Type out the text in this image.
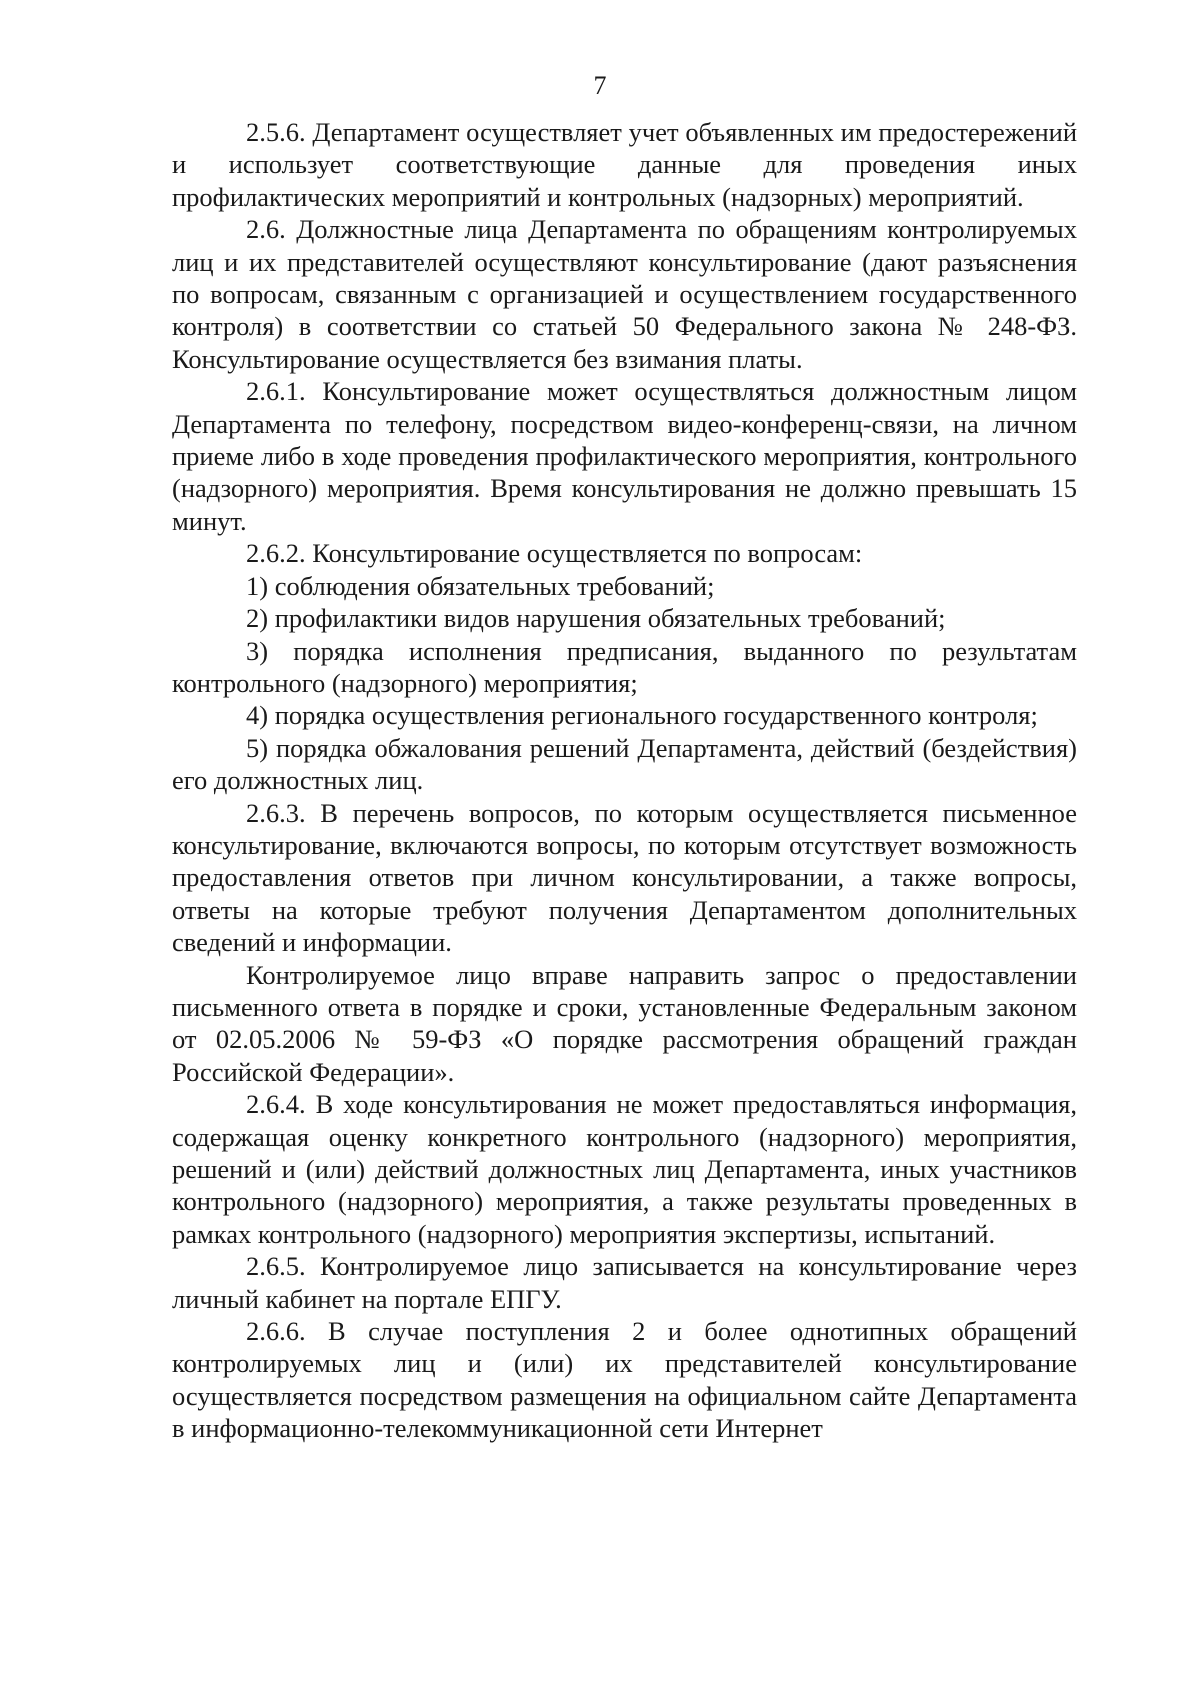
7

2.5.6. Департамент осуществляет учет объявленных им предостережений и использует соответствующие данные для проведения иных профилактических мероприятий и контрольных (надзорных) мероприятий.

2.6. Должностные лица Департамента по обращениям контролируемых лиц и их представителей осуществляют консультирование (дают разъяснения по вопросам, связанным с организацией и осуществлением государственного контроля) в соответствии со статьей 50 Федерального закона № 248-ФЗ. Консультирование осуществляется без взимания платы.

2.6.1. Консультирование может осуществляться должностным лицом Департамента по телефону, посредством видео-конференц-связи, на личном приеме либо в ходе проведения профилактического мероприятия, контрольного (надзорного) мероприятия. Время консультирования не должно превышать 15 минут.

2.6.2. Консультирование осуществляется по вопросам:

1) соблюдения обязательных требований;

2) профилактики видов нарушения обязательных требований;

3) порядка исполнения предписания, выданного по результатам контрольного (надзорного) мероприятия;

4) порядка осуществления регионального государственного контроля;

5) порядка обжалования решений Департамента, действий (бездействия) его должностных лиц.

2.6.3. В перечень вопросов, по которым осуществляется письменное консультирование, включаются вопросы, по которым отсутствует возможность предоставления ответов при личном консультировании, а также вопросы, ответы на которые требуют получения Департаментом дополнительных сведений и информации.

Контролируемое лицо вправе направить запрос о предоставлении письменного ответа в порядке и сроки, установленные Федеральным законом от 02.05.2006 № 59-ФЗ «О порядке рассмотрения обращений граждан Российской Федерации».

2.6.4. В ходе консультирования не может предоставляться информация, содержащая оценку конкретного контрольного (надзорного) мероприятия, решений и (или) действий должностных лиц Департамента, иных участников контрольного (надзорного) мероприятия, а также результаты проведенных в рамках контрольного (надзорного) мероприятия экспертизы, испытаний.

2.6.5. Контролируемое лицо записывается на консультирование через личный кабинет на портале ЕПГУ.

2.6.6. В случае поступления 2 и более однотипных обращений контролируемых лиц и (или) их представителей консультирование осуществляется посредством размещения на официальном сайте Департамента в информационно-телекоммуникационной сети Интернет
